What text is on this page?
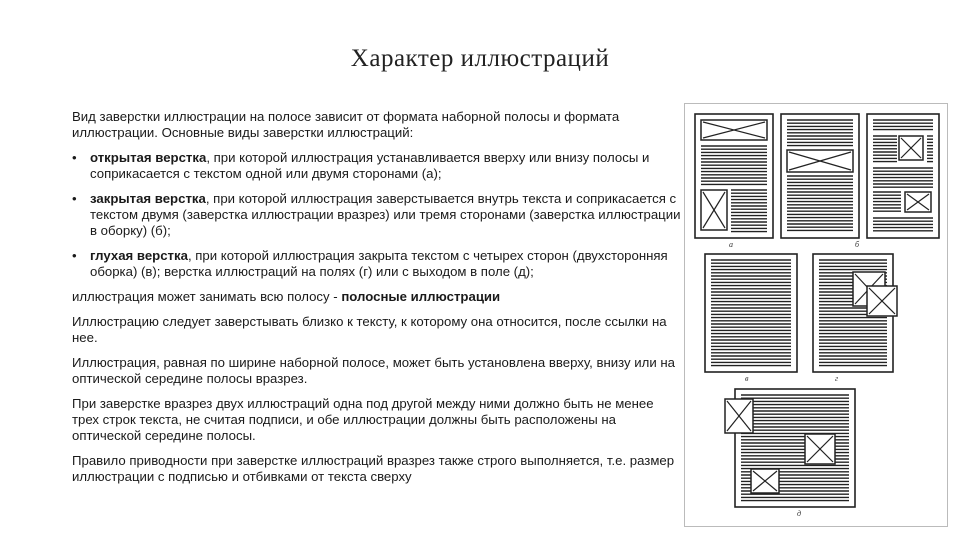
Характер иллюстраций

Вид заверстки иллюстрации на полосе зависит от формата наборной полосы и формата иллюстрации. Основные виды заверстки иллюстраций:

•	открытая верстка, при которой иллюстрация устанавливается вверху или внизу полосы и соприкасается с текстом одной или двумя сторонами (а);
•	закрытая верстка, при которой иллюстрация заверстывается внутрь текста и соприкасается с текстом двумя (заверстка иллюстрации вразрез) или тремя сторонами (заверстка иллюстрации в оборку) (б);
•	глухая верстка, при которой иллюстрация закрыта текстом с четырех сторон (двухсторонняя оборка) (в); верстка иллюстраций на полях (г) или с выходом в поле (д);

иллюстрация может занимать всю полосу - полосные иллюстрации

Иллюстрацию следует заверстывать близко к тексту, к которому она относится, после ссылки на нее.

Иллюстрация, равная по ширине наборной полосе, может быть установлена вверху, внизу или на оптической середине полосы вразрез.

При заверстке вразрез двух иллюстраций одна под другой между ними должно быть не менее трех строк текста, не считая подписи, и обе иллюстрации должны быть расположены на оптической середине полосы.

Правило приводности при заверстке иллюстраций вразрез также строго выполняется, т.е. размер иллюстрации с подписью и отбивками от текста сверху

а	б
в	г
д
